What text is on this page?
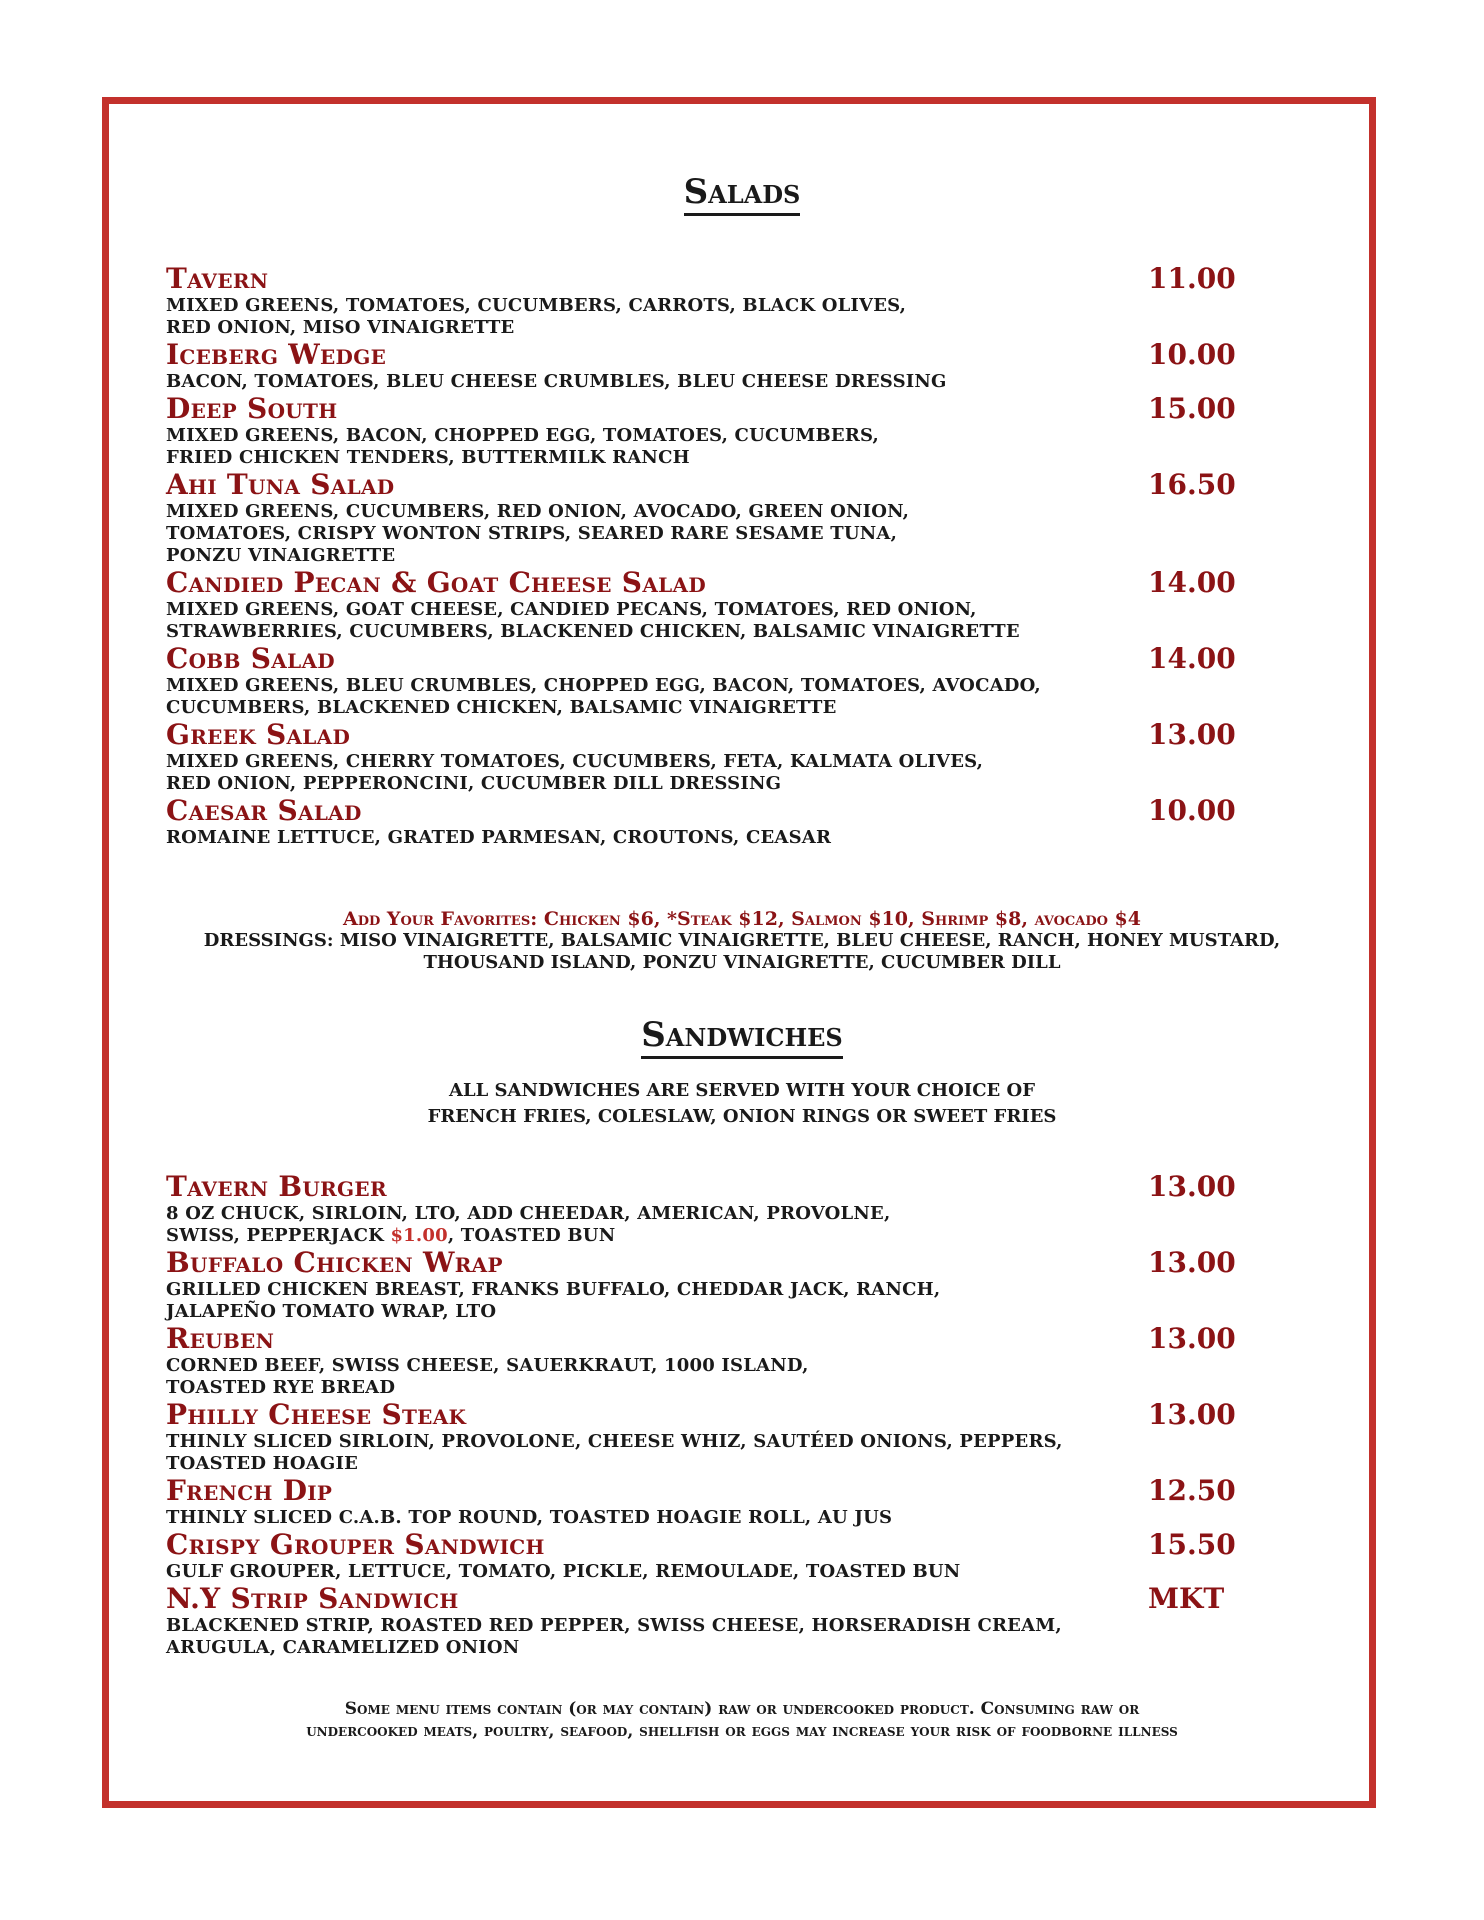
Salads
Tavern	11.00
MIXED GREENS, TOMATOES, CUCUMBERS, CARROTS, BLACK OLIVES,
RED ONION, MISO VINAIGRETTE
Iceberg Wedge	10.00
BACON, TOMATOES, BLEU CHEESE CRUMBLES, BLEU CHEESE DRESSING
Deep South	15.00
MIXED GREENS, BACON, CHOPPED EGG, TOMATOES, CUCUMBERS,
FRIED CHICKEN TENDERS, BUTTERMILK RANCH
Ahi Tuna Salad	16.50
MIXED GREENS, CUCUMBERS, RED ONION, AVOCADO, GREEN ONION,
TOMATOES, CRISPY WONTON STRIPS, SEARED RARE SESAME TUNA,
PONZU VINAIGRETTE
Candied Pecan & Goat Cheese Salad	14.00
MIXED GREENS, GOAT CHEESE, CANDIED PECANS, TOMATOES, RED ONION,
STRAWBERRIES, CUCUMBERS, BLACKENED CHICKEN, BALSAMIC VINAIGRETTE
Cobb Salad	14.00
MIXED GREENS, BLEU CRUMBLES, CHOPPED EGG, BACON, TOMATOES, AVOCADO,
CUCUMBERS, BLACKENED CHICKEN, BALSAMIC VINAIGRETTE
Greek Salad	13.00
MIXED GREENS, CHERRY TOMATOES, CUCUMBERS, FETA, KALMATA OLIVES,
RED ONION, PEPPERONCINI, CUCUMBER DILL DRESSING
Caesar Salad	10.00
ROMAINE LETTUCE, GRATED PARMESAN, CROUTONS, CEASAR
Add Your Favorites: Chicken $6, *Steak $12, Salmon $10, Shrimp $8, avocado $4
DRESSINGS: MISO VINAIGRETTE, BALSAMIC VINAIGRETTE, BLEU CHEESE, RANCH, HONEY MUSTARD,
THOUSAND ISLAND, PONZU VINAIGRETTE, CUCUMBER DILL
Sandwiches
ALL SANDWICHES ARE SERVED WITH YOUR CHOICE OF
FRENCH FRIES, COLESLAW, ONION RINGS OR SWEET FRIES
Tavern Burger	13.00
8 OZ CHUCK, SIRLOIN, LTO, ADD CHEEDAR, AMERICAN, PROVOLNE,
SWISS, PEPPERJACK $1.00, TOASTED BUN
Buffalo Chicken Wrap	13.00
GRILLED CHICKEN BREAST, FRANKS BUFFALO, CHEDDAR JACK, RANCH,
JALAPEÑO TOMATO WRAP, LTO
Reuben	13.00
CORNED BEEF, SWISS CHEESE, SAUERKRAUT, 1000 ISLAND,
TOASTED RYE BREAD
Philly Cheese Steak	13.00
THINLY SLICED SIRLOIN, PROVOLONE, CHEESE WHIZ, SAUTÉED ONIONS, PEPPERS,
TOASTED HOAGIE
French Dip	12.50
THINLY SLICED C.A.B. TOP ROUND, TOASTED HOAGIE ROLL, AU JUS
Crispy Grouper Sandwich	15.50
GULF GROUPER, LETTUCE, TOMATO, PICKLE, REMOULADE, TOASTED BUN
N.Y Strip Sandwich	MKT
BLACKENED STRIP, ROASTED RED PEPPER, SWISS CHEESE, HORSERADISH CREAM,
ARUGULA, CARAMELIZED ONION
Some menu items contain (or may contain) raw or undercooked product. Consuming raw or
undercooked meats, poultry, seafood, shellfish or eggs may increase your risk of foodborne illness
